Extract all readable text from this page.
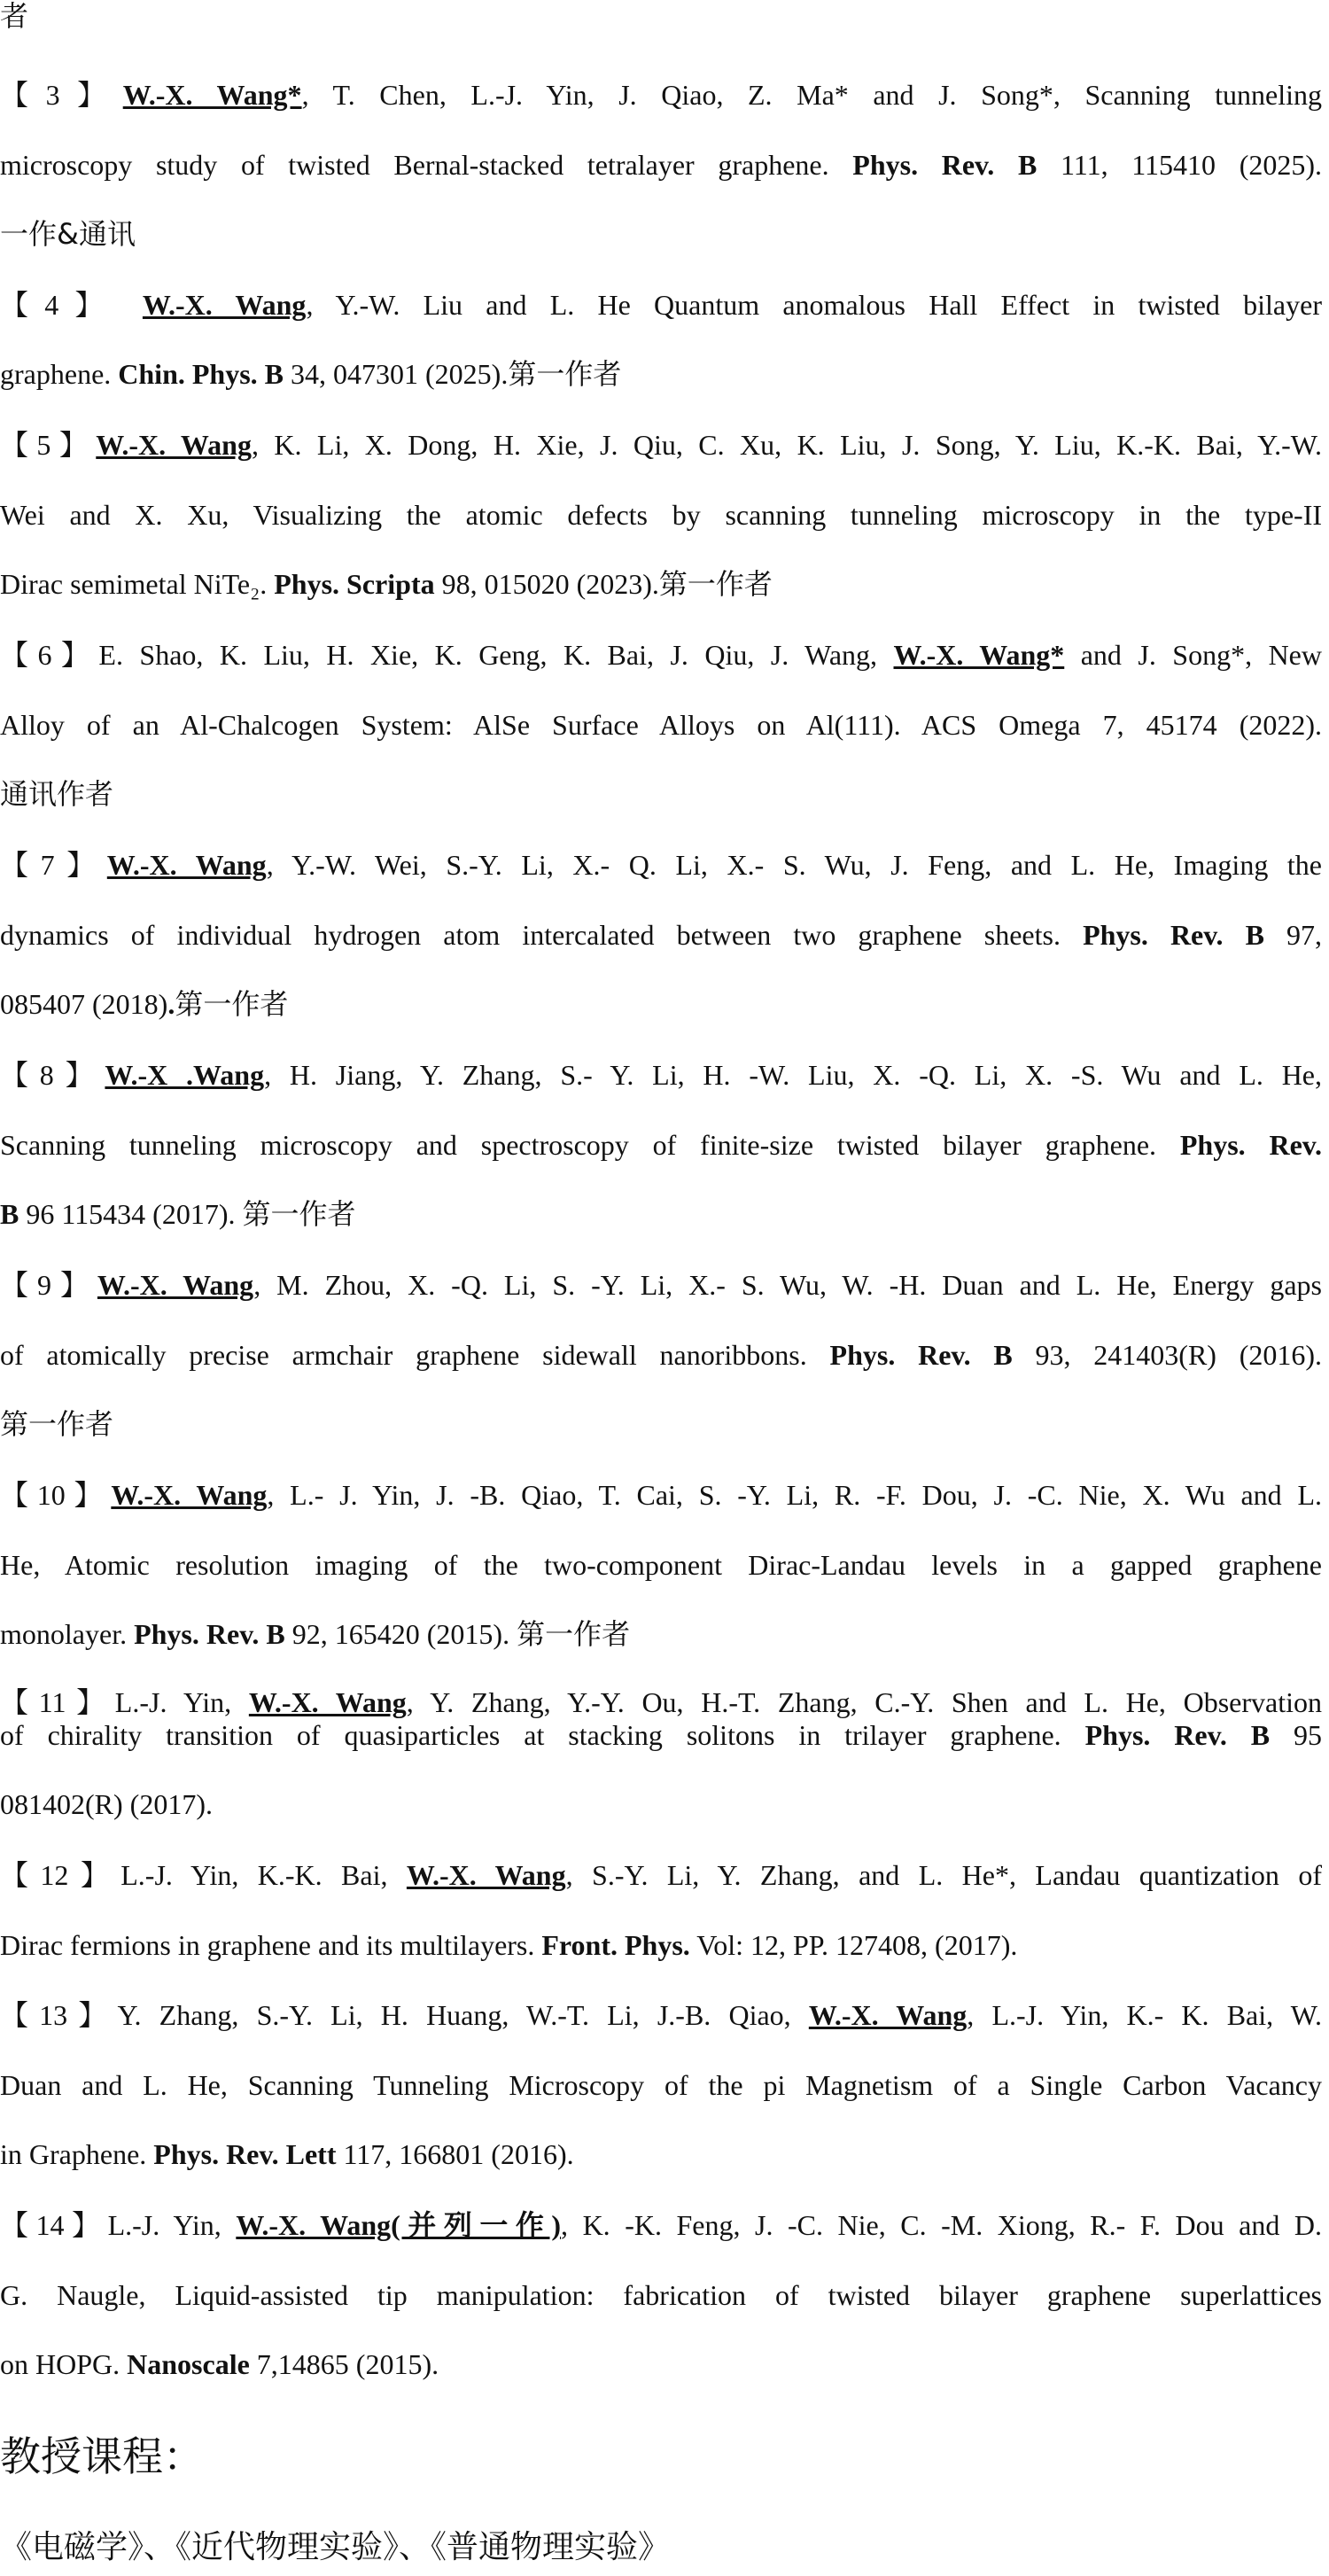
者
【3】W.-X. Wang*, T. Chen, L.-J. Yin, J. Qiao, Z. Ma* and J. Song*, Scanning tunneling
microscopy study of twisted Bernal-stacked tetralayer graphene. Phys. Rev. B 111, 115410 (2025).
一作&通讯
【4】 W.-X. Wang, Y.-W. Liu and L. He Quantum anomalous Hall Effect in twisted bilayer
graphene. Chin. Phys. B 34, 047301 (2025).第一作者
【5】W.-X. Wang, K. Li, X. Dong, H. Xie, J. Qiu, C. Xu, K. Liu, J. Song, Y. Liu, K.-K. Bai, Y.-W.
Wei and X. Xu, Visualizing the atomic defects by scanning tunneling microscopy in the type-II
Dirac semimetal NiTe₂. Phys. Scripta 98, 015020 (2023).第一作者
【6】E. Shao, K. Liu, H. Xie, K. Geng, K. Bai, J. Qiu, J. Wang, W.-X. Wang* and J. Song*, New
Alloy of an Al-Chalcogen System: AlSe Surface Alloys on Al(111). ACS Omega 7, 45174 (2022).
通讯作者
【7】W.-X. Wang, Y.-W. Wei, S.-Y. Li, X.- Q. Li, X.- S. Wu, J. Feng, and L. He, Imaging the
dynamics of individual hydrogen atom intercalated between two graphene sheets. Phys. Rev. B 97,
085407 (2018).第一作者
【8】W.-X .Wang, H. Jiang, Y. Zhang, S.- Y. Li, H. -W. Liu, X. -Q. Li, X. -S. Wu and L. He,
Scanning tunneling microscopy and spectroscopy of finite-size twisted bilayer graphene. Phys. Rev.
B 96 115434 (2017). 第一作者
【9】W.-X. Wang, M. Zhou, X. -Q. Li, S. -Y. Li, X.- S. Wu, W. -H. Duan and L. He, Energy gaps
of atomically precise armchair graphene sidewall nanoribbons. Phys. Rev. B 93, 241403(R) (2016).
第一作者
【10】W.-X. Wang, L.- J. Yin, J. -B. Qiao, T. Cai, S. -Y. Li, R. -F. Dou, J. -C. Nie, X. Wu and L.
He, Atomic resolution imaging of the two-component Dirac-Landau levels in a gapped graphene
monolayer. Phys. Rev. B 92, 165420 (2015). 第一作者
【11】L.-J. Yin, W.-X. Wang, Y. Zhang, Y.-Y. Ou, H.-T. Zhang, C.-Y. Shen and L. He, Observation
of chirality transition of quasiparticles at stacking solitons in trilayer graphene. Phys. Rev. B 95
081402(R) (2017).
【12】L.-J. Yin, K.-K. Bai, W.-X. Wang, S.-Y. Li, Y. Zhang, and L. He*, Landau quantization of
Dirac fermions in graphene and its multilayers. Front. Phys. Vol: 12, PP. 127408, (2017).
【13】Y. Zhang, S.-Y. Li, H. Huang, W.-T. Li, J.-B. Qiao, W.-X. Wang, L.-J. Yin, K.- K. Bai, W.
Duan and L. He, Scanning Tunneling Microscopy of the pi Magnetism of a Single Carbon Vacancy
in Graphene. Phys. Rev. Lett 117, 166801 (2016).
【14】L.-J. Yin, W.-X. Wang(并列一作), K. -K. Feng, J. -C. Nie, C. -M. Xiong, R.- F. Dou and D.
G. Naugle, Liquid-assisted tip manipulation: fabrication of twisted bilayer graphene superlattices
on HOPG. Nanoscale 7,14865 (2015).
教授课程：
《电磁学》、《近代物理实验》、《普通物理实验》
